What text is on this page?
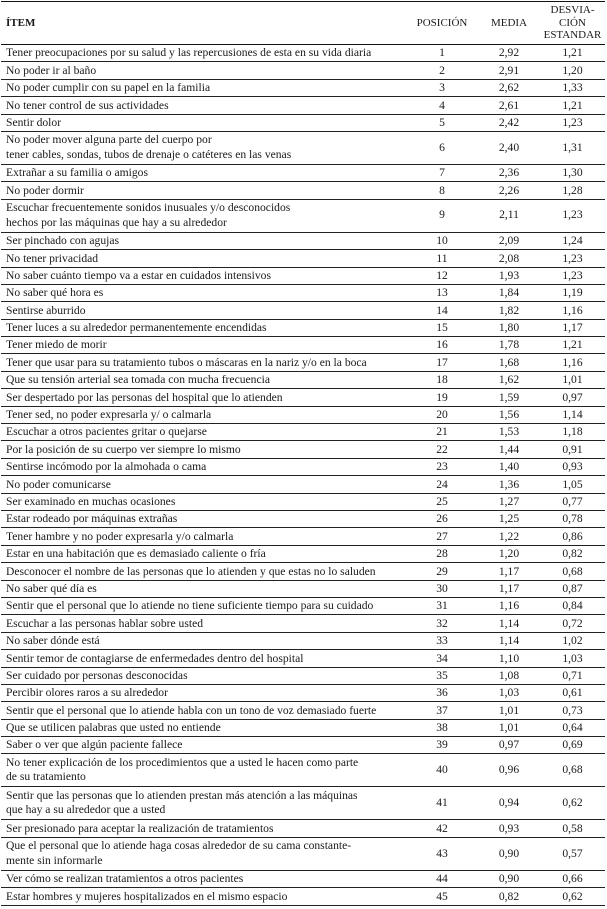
ÍTEM	POSICIÓN	MEDIA	DESVIA-
CIÓN
ESTANDAR
Tener preocupaciones por su salud y las repercusiones de esta en su vida diaria	1	2,92	1,21
No poder ir al baño	2	2,91	1,20
No poder cumplir con su papel en la familia	3	2,62	1,33
No tener control de sus actividades	4	2,61	1,21
Sentir dolor	5	2,42	1,23
No poder mover alguna parte del cuerpo por
tener cables, sondas, tubos de drenaje o catéteres en las venas	6	2,40	1,31
Extrañar a su familia o amigos	7	2,36	1,30
No poder dormir	8	2,26	1,28
Escuchar frecuentemente sonidos inusuales y/o desconocidos
hechos por las máquinas que hay a su alrededor	9	2,11	1,23
Ser pinchado con agujas	10	2,09	1,24
No tener privacidad	11	2,08	1,23
No saber cuánto tiempo va a estar en cuidados intensivos	12	1,93	1,23
No saber qué hora es	13	1,84	1,19
Sentirse aburrido	14	1,82	1,16
Tener luces a su alrededor permanentemente encendidas	15	1,80	1,17
Tener miedo de morir	16	1,78	1,21
Tener que usar para su tratamiento tubos o máscaras en la nariz y/o en la boca	17	1,68	1,16
Que su tensión arterial sea tomada con mucha frecuencia	18	1,62	1,01
Ser despertado por las personas del hospital que lo atienden	19	1,59	0,97
Tener sed, no poder expresarla y/ o calmarla	20	1,56	1,14
Escuchar a otros pacientes gritar o quejarse	21	1,53	1,18
Por la posición de su cuerpo ver siempre lo mismo	22	1,44	0,91
Sentirse incómodo por la almohada o cama	23	1,40	0,93
No poder comunicarse	24	1,36	1,05
Ser examinado en muchas ocasiones	25	1,27	0,77
Estar rodeado por máquinas extrañas	26	1,25	0,78
Tener hambre y no poder expresarla y/o calmarla	27	1,22	0,86
Estar en una habitación que es demasiado caliente o fría	28	1,20	0,82
Desconocer el nombre de las personas que lo atienden y que estas no lo saluden	29	1,17	0,68
No saber qué día es	30	1,17	0,87
Sentir que el personal que lo atiende no tiene suficiente tiempo para su cuidado	31	1,16	0,84
Escuchar a las personas hablar sobre usted	32	1,14	0,72
No saber dónde está	33	1,14	1,02
Sentir temor de contagiarse de enfermedades dentro del hospital	34	1,10	1,03
Ser cuidado por personas desconocidas	35	1,08	0,71
Percibir olores raros a su alrededor	36	1,03	0,61
Sentir que el personal que lo atiende habla con un tono de voz demasiado fuerte	37	1,01	0,73
Que se utilicen palabras que usted no entiende	38	1,01	0,64
Saber o ver que algún paciente fallece	39	0,97	0,69
No tener explicación de los procedimientos que a usted le hacen como parte
de su tratamiento	40	0,96	0,68
Sentir que las personas que lo atienden prestan más atención a las máquinas
que hay a su alrededor que a usted	41	0,94	0,62
Ser presionado para aceptar la realización de tratamientos	42	0,93	0,58
Que el personal que lo atiende haga cosas alrededor de su cama constante-
mente sin informarle	43	0,90	0,57
Ver cómo se realizan tratamientos a otros pacientes	44	0,90	0,66
Estar hombres y mujeres hospitalizados en el mismo espacio	45	0,82	0,62
